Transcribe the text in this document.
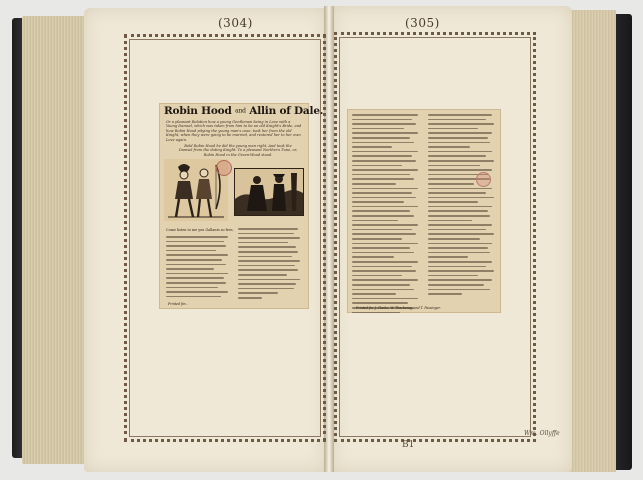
(304)	(305)
B1
Wm. Ollyffe
Robin Hood and Allin of Dale.
Or a pleasant Relation how a young Gentleman being in Love with a Young Damsel, which was taken from him to be an old Knight's Bride, and how Robin Hood pitying the young man's case, took her from the old Knight, when they were going to be married, and restored her to her own Love again.
Bold Robin Hood he did the young man right, And took the Damsel from the doting Knight. To a pleasant Northern Tune, or, Robin Hood in the Green-Wood stood.
Come listen to me you Gallants so free,
Printed for...
Printed for J. Clarke, W. Thackeray, and T. Passinger.
